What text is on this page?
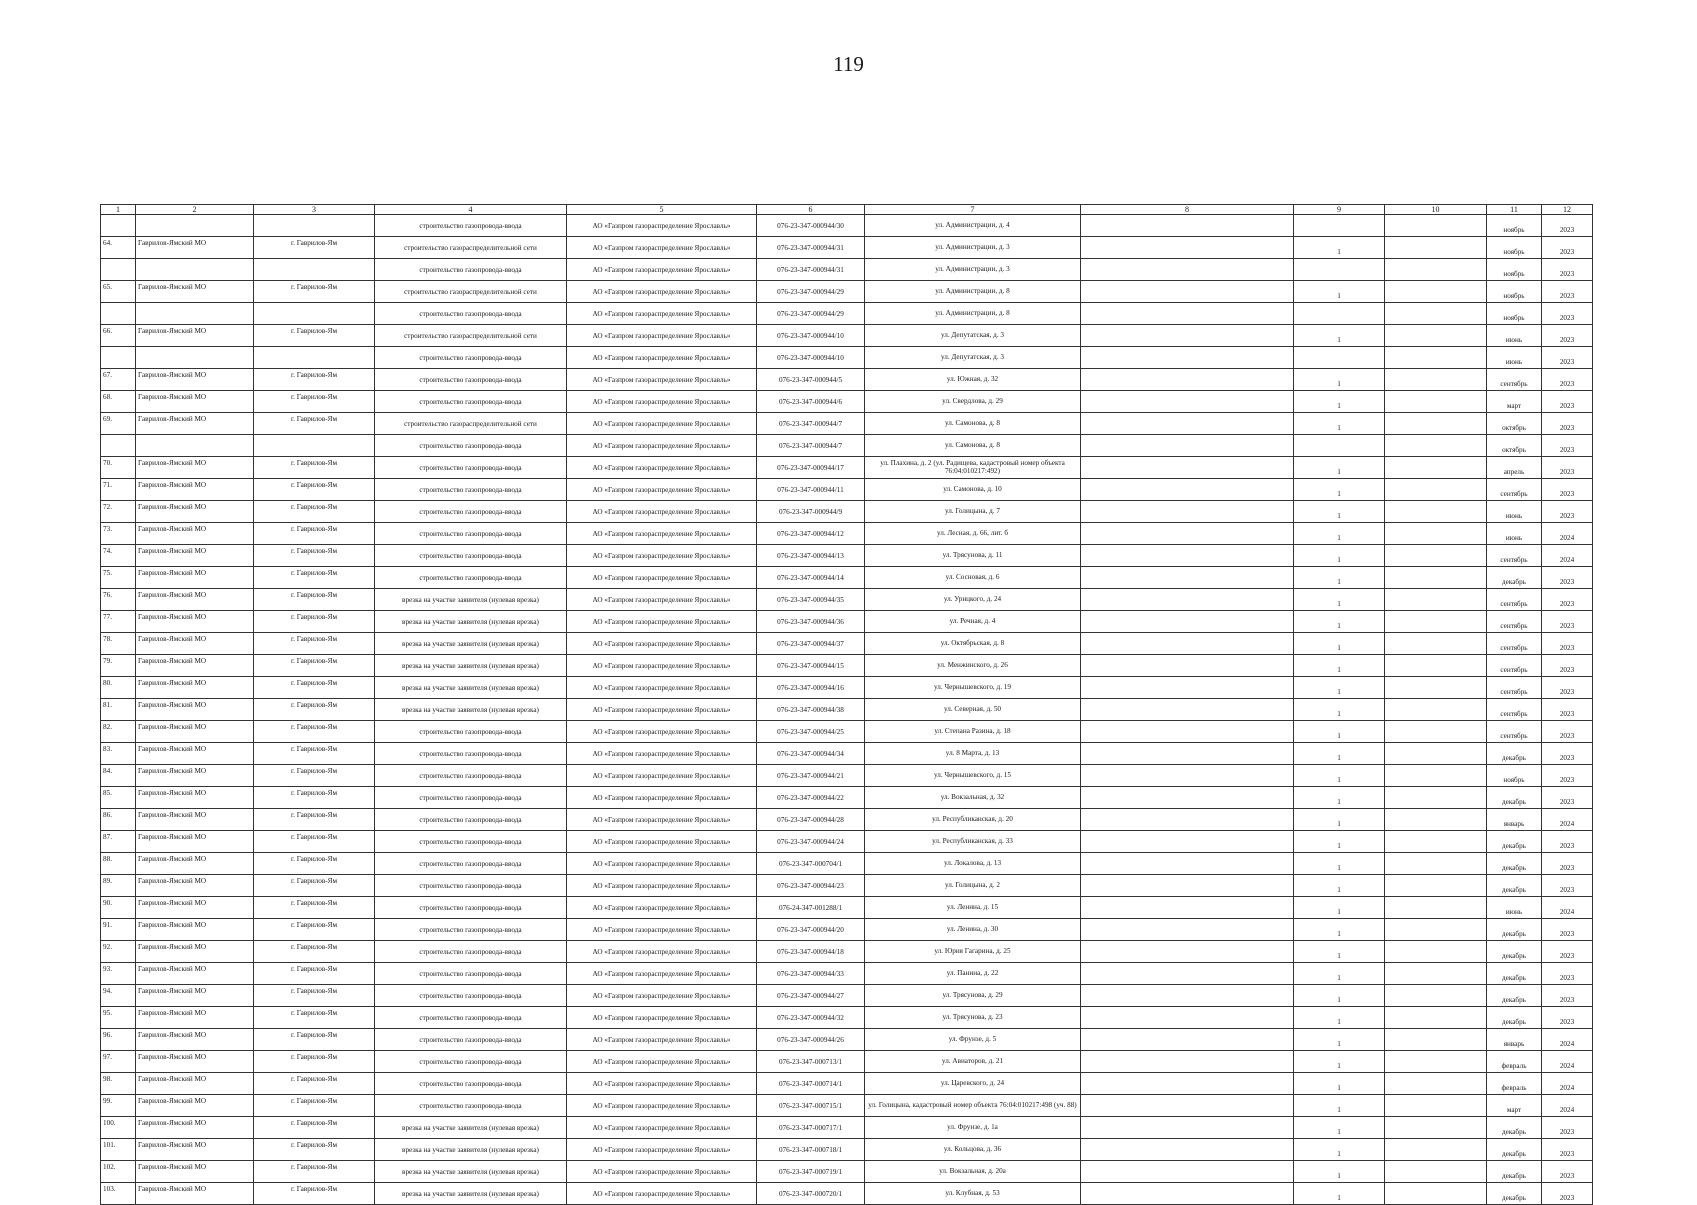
119
1	2	3	4	5	6	7	8	9	10	11	12
			строительство газопровода-ввода	АО «Газпром газораспределение Ярославль»	076-23-347-000944/30	ул. Администрации, д. 4				ноябрь	2023
64.	Гаврилов-Ямский МО	г. Гаврилов-Ям	строительство газораспределительной сети	АО «Газпром газораспределение Ярославль»	076-23-347-000944/31	ул. Администрации, д. 3		1		ноябрь	2023
			строительство газопровода-ввода	АО «Газпром газораспределение Ярославль»	076-23-347-000944/31	ул. Администрации, д. 3				ноябрь	2023
65.	Гаврилов-Ямский МО	г. Гаврилов-Ям	строительство газораспределительной сети	АО «Газпром газораспределение Ярославль»	076-23-347-000944/29	ул. Администрации, д. 8		1		ноябрь	2023
			строительство газопровода-ввода	АО «Газпром газораспределение Ярославль»	076-23-347-000944/29	ул. Администрации, д. 8				ноябрь	2023
66.	Гаврилов-Ямский МО	г. Гаврилов-Ям	строительство газораспределительной сети	АО «Газпром газораспределение Ярославль»	076-23-347-000944/10	ул. Депутатская, д. 3		1		июнь	2023
			строительство газопровода-ввода	АО «Газпром газораспределение Ярославль»	076-23-347-000944/10	ул. Депутатская, д. 3				июнь	2023
67.	Гаврилов-Ямский МО	г. Гаврилов-Ям	строительство газопровода-ввода	АО «Газпром газораспределение Ярославль»	076-23-347-000944/5	ул. Южная, д. 32		1		сентябрь	2023
68.	Гаврилов-Ямский МО	г. Гаврилов-Ям	строительство газопровода-ввода	АО «Газпром газораспределение Ярославль»	076-23-347-000944/6	ул. Свердлова, д. 29		1		март	2023
69.	Гаврилов-Ямский МО	г. Гаврилов-Ям	строительство газораспределительной сети	АО «Газпром газораспределение Ярославль»	076-23-347-000944/7	ул. Самонова, д. 8		1		октябрь	2023
			строительство газопровода-ввода	АО «Газпром газораспределение Ярославль»	076-23-347-000944/7	ул. Самонова, д. 8				октябрь	2023
70.	Гаврилов-Ямский МО	г. Гаврилов-Ям	строительство газопровода-ввода	АО «Газпром газораспределение Ярославль»	076-23-347-000944/17	ул. Плахина, д. 2 (ул. Радищева, кадастровый номер объекта 76:04:010217:492)		1		апрель	2023
71.	Гаврилов-Ямский МО	г. Гаврилов-Ям	строительство газопровода-ввода	АО «Газпром газораспределение Ярославль»	076-23-347-000944/11	ул. Самонова, д. 10		1		сентябрь	2023
72.	Гаврилов-Ямский МО	г. Гаврилов-Ям	строительство газопровода-ввода	АО «Газпром газораспределение Ярославль»	076-23-347-000944/9	ул. Голицына, д. 7		1		июнь	2023
73.	Гаврилов-Ямский МО	г. Гаврилов-Ям	строительство газопровода-ввода	АО «Газпром газораспределение Ярославль»	076-23-347-000944/12	ул. Лесная, д. 66, лит. б		1		июнь	2024
74.	Гаврилов-Ямский МО	г. Гаврилов-Ям	строительство газопровода-ввода	АО «Газпром газораспределение Ярославль»	076-23-347-000944/13	ул. Трясунова, д. 11		1		сентябрь	2024
75.	Гаврилов-Ямский МО	г. Гаврилов-Ям	строительство газопровода-ввода	АО «Газпром газораспределение Ярославль»	076-23-347-000944/14	ул. Сосновая, д. 6		1		декабрь	2023
76.	Гаврилов-Ямский МО	г. Гаврилов-Ям	врезка на участке заявителя (нулевая врезка)	АО «Газпром газораспределение Ярославль»	076-23-347-000944/35	ул. Урицкого, д. 24		1		сентябрь	2023
77.	Гаврилов-Ямский МО	г. Гаврилов-Ям	врезка на участке заявителя (нулевая врезка)	АО «Газпром газораспределение Ярославль»	076-23-347-000944/36	ул. Речная, д. 4		1		сентябрь	2023
78.	Гаврилов-Ямский МО	г. Гаврилов-Ям	врезка на участке заявителя (нулевая врезка)	АО «Газпром газораспределение Ярославль»	076-23-347-000944/37	ул. Октябрьская, д. 8		1		сентябрь	2023
79.	Гаврилов-Ямский МО	г. Гаврилов-Ям	врезка на участке заявителя (нулевая врезка)	АО «Газпром газораспределение Ярославль»	076-23-347-000944/15	ул. Менжинского, д. 26		1		сентябрь	2023
80.	Гаврилов-Ямский МО	г. Гаврилов-Ям	врезка на участке заявителя (нулевая врезка)	АО «Газпром газораспределение Ярославль»	076-23-347-000944/16	ул. Чернышевского, д. 19		1		сентябрь	2023
81.	Гаврилов-Ямский МО	г. Гаврилов-Ям	врезка на участке заявителя (нулевая врезка)	АО «Газпром газораспределение Ярославль»	076-23-347-000944/38	ул. Северная, д. 50		1		сентябрь	2023
82.	Гаврилов-Ямский МО	г. Гаврилов-Ям	строительство газопровода-ввода	АО «Газпром газораспределение Ярославль»	076-23-347-000944/25	ул. Степана Разина, д. 18		1		сентябрь	2023
83.	Гаврилов-Ямский МО	г. Гаврилов-Ям	строительство газопровода-ввода	АО «Газпром газораспределение Ярославль»	076-23-347-000944/34	ул. 8 Марта, д. 13		1		декабрь	2023
84.	Гаврилов-Ямский МО	г. Гаврилов-Ям	строительство газопровода-ввода	АО «Газпром газораспределение Ярославль»	076-23-347-000944/21	ул. Чернышевского, д. 15		1		ноябрь	2023
85.	Гаврилов-Ямский МО	г. Гаврилов-Ям	строительство газопровода-ввода	АО «Газпром газораспределение Ярославль»	076-23-347-000944/22	ул. Вокзальная, д. 32		1		декабрь	2023
86.	Гаврилов-Ямский МО	г. Гаврилов-Ям	строительство газопровода-ввода	АО «Газпром газораспределение Ярославль»	076-23-347-000944/28	ул. Республиканская, д. 20		1		январь	2024
87.	Гаврилов-Ямский МО	г. Гаврилов-Ям	строительство газопровода-ввода	АО «Газпром газораспределение Ярославль»	076-23-347-000944/24	ул. Республиканская, д. 33		1		декабрь	2023
88.	Гаврилов-Ямский МО	г. Гаврилов-Ям	строительство газопровода-ввода	АО «Газпром газораспределение Ярославль»	076-23-347-000704/1	ул. Локалова, д. 13		1		декабрь	2023
89.	Гаврилов-Ямский МО	г. Гаврилов-Ям	строительство газопровода-ввода	АО «Газпром газораспределение Ярославль»	076-23-347-000944/23	ул. Голицына, д. 2		1		декабрь	2023
90.	Гаврилов-Ямский МО	г. Гаврилов-Ям	строительство газопровода-ввода	АО «Газпром газораспределение Ярославль»	076-24-347-001288/1	ул. Ленина, д. 15		1		июнь	2024
91.	Гаврилов-Ямский МО	г. Гаврилов-Ям	строительство газопровода-ввода	АО «Газпром газораспределение Ярославль»	076-23-347-000944/20	ул. Ленина, д. 30		1		декабрь	2023
92.	Гаврилов-Ямский МО	г. Гаврилов-Ям	строительство газопровода-ввода	АО «Газпром газораспределение Ярославль»	076-23-347-000944/18	ул. Юрия Гагарина, д. 25		1		декабрь	2023
93.	Гаврилов-Ямский МО	г. Гаврилов-Ям	строительство газопровода-ввода	АО «Газпром газораспределение Ярославль»	076-23-347-000944/33	ул. Панина, д. 22		1		декабрь	2023
94.	Гаврилов-Ямский МО	г. Гаврилов-Ям	строительство газопровода-ввода	АО «Газпром газораспределение Ярославль»	076-23-347-000944/27	ул. Трясунова, д. 29		1		декабрь	2023
95.	Гаврилов-Ямский МО	г. Гаврилов-Ям	строительство газопровода-ввода	АО «Газпром газораспределение Ярославль»	076-23-347-000944/32	ул. Трясунова, д. 23		1		декабрь	2023
96.	Гаврилов-Ямский МО	г. Гаврилов-Ям	строительство газопровода-ввода	АО «Газпром газораспределение Ярославль»	076-23-347-000944/26	ул. Фрунзе, д. 5		1		январь	2024
97.	Гаврилов-Ямский МО	г. Гаврилов-Ям	строительство газопровода-ввода	АО «Газпром газораспределение Ярославль»	076-23-347-000713/1	ул. Авиаторов, д. 21		1		февраль	2024
98.	Гаврилов-Ямский МО	г. Гаврилов-Ям	строительство газопровода-ввода	АО «Газпром газораспределение Ярославль»	076-23-347-000714/1	ул. Царевского, д. 24		1		февраль	2024
99.	Гаврилов-Ямский МО	г. Гаврилов-Ям	строительство газопровода-ввода	АО «Газпром газораспределение Ярославль»	076-23-347-000715/1	ул. Голицына, кадастровый номер объекта 76:04:010217:498 (уч. 88)		1		март	2024
100.	Гаврилов-Ямский МО	г. Гаврилов-Ям	врезка на участке заявителя (нулевая врезка)	АО «Газпром газораспределение Ярославль»	076-23-347-000717/1	ул. Фрунзе, д. 1а		1		декабрь	2023
101.	Гаврилов-Ямский МО	г. Гаврилов-Ям	врезка на участке заявителя (нулевая врезка)	АО «Газпром газораспределение Ярославль»	076-23-347-000718/1	ул. Кольцова, д. 36		1		декабрь	2023
102.	Гаврилов-Ямский МО	г. Гаврилов-Ям	врезка на участке заявителя (нулевая врезка)	АО «Газпром газораспределение Ярославль»	076-23-347-000719/1	ул. Вокзальная, д. 20а		1		декабрь	2023
103.	Гаврилов-Ямский МО	г. Гаврилов-Ям	врезка на участке заявителя (нулевая врезка)	АО «Газпром газораспределение Ярославль»	076-23-347-000720/1	ул. Клубная, д. 53		1		декабрь	2023
